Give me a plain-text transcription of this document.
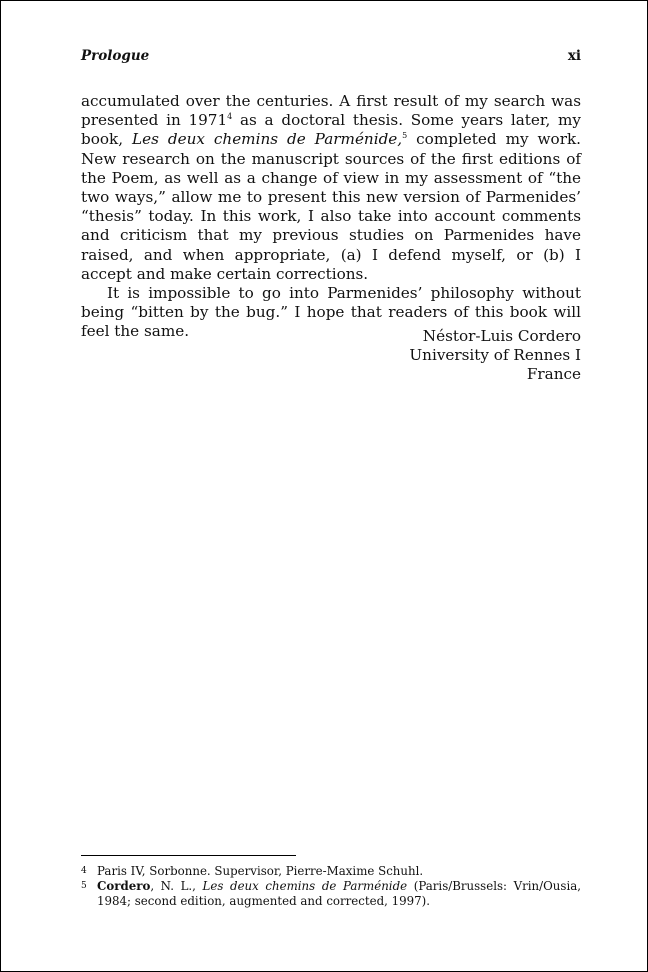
Prologue	xi

accumulated over the centuries. A first result of my search was presented in 1971$^4$ as a doctoral thesis. Some years later, my book, Les deux chemins de Parménide,$^5$ completed my work. New research on the manuscript sources of the first editions of the Poem, as well as a change of view in my assessment of “the two ways,” allow me to present this new version of Parmenides’ “thesis” today. In this work, I also take into account comments and criticism that my previous studies on Parmenides have raised, and when appropriate, (a) I defend myself, or (b) I accept and make certain corrections.

It is impossible to go into Parmenides’ philosophy without being “bitten by the bug.” I hope that readers of this book will feel the same.	Néstor-Luis Cordero
University of Rennes I
France
4 Paris IV, Sorbonne. Supervisor, Pierre-Maxime Schuhl.
5 Cordero, N. L., Les deux chemins de Parménide (Paris/Brussels: Vrin/Ousia, 1984; second edition, augmented and corrected, 1997).
